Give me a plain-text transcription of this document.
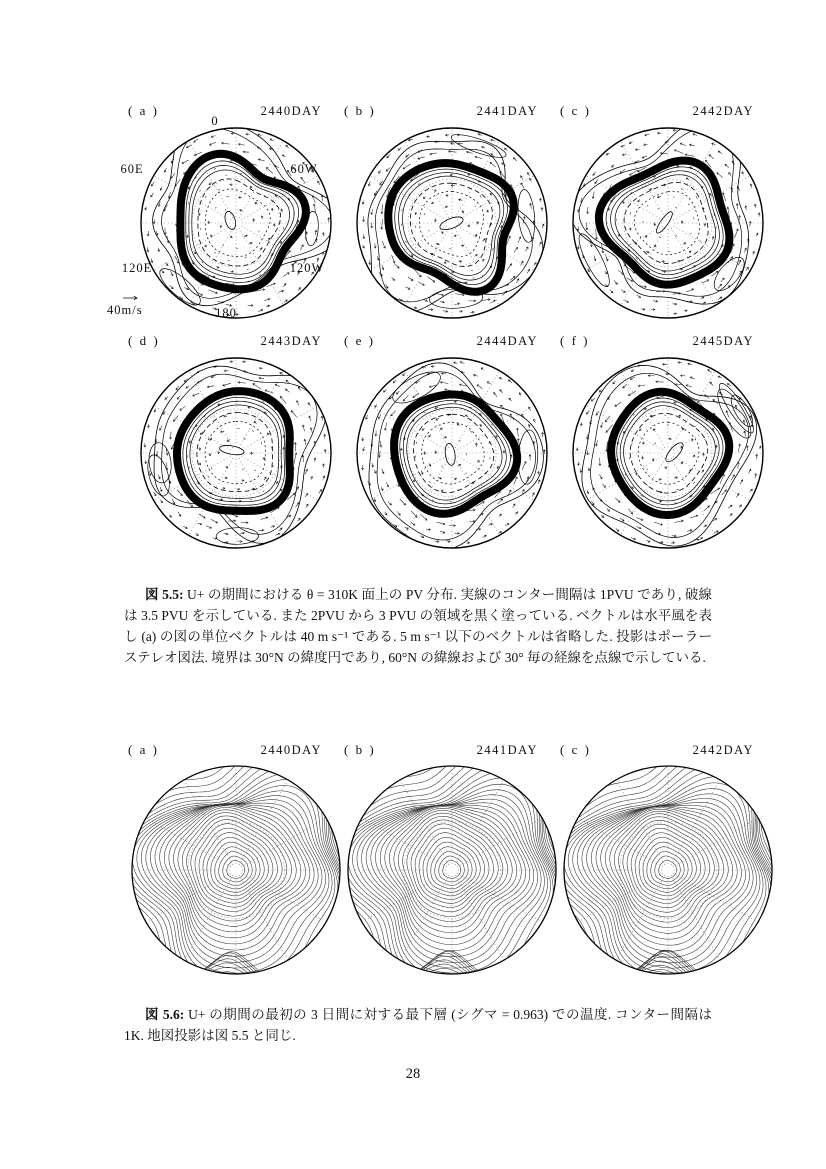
( a )	2440DAY
0
60E	60W
120E	120W
180
40m/s
( b )	2441DAY ( c )	2442DAY
( d )	2443DAY ( e )	2444DAY ( f )	2445DAY

図 5.5: U+ の期間における θ = 310K 面上の PV 分布. 実線のコンター間隔は 1PVU であり, 破線は 3.5 PVU を示している. また 2PVU から 3 PVU の領域を黒く塗っている. ベクトルは水平風を表し (a) の図の単位ベクトルは 40 m s⁻¹ である. 5 m s⁻¹ 以下のベクトルは省略した. 投影はポーラーステレオ図法. 境界は 30°N の緯度円であり, 60°N の緯線および 30° 毎の経線を点線で示している.

( a )	2440DAY ( b )	2441DAY ( c )	2442DAY

図 5.6: U+ の期間の最初の 3 日間に対する最下層 (シグマ = 0.963) での温度. コンター間隔は 1K. 地図投影は図 5.5 と同じ.

28
